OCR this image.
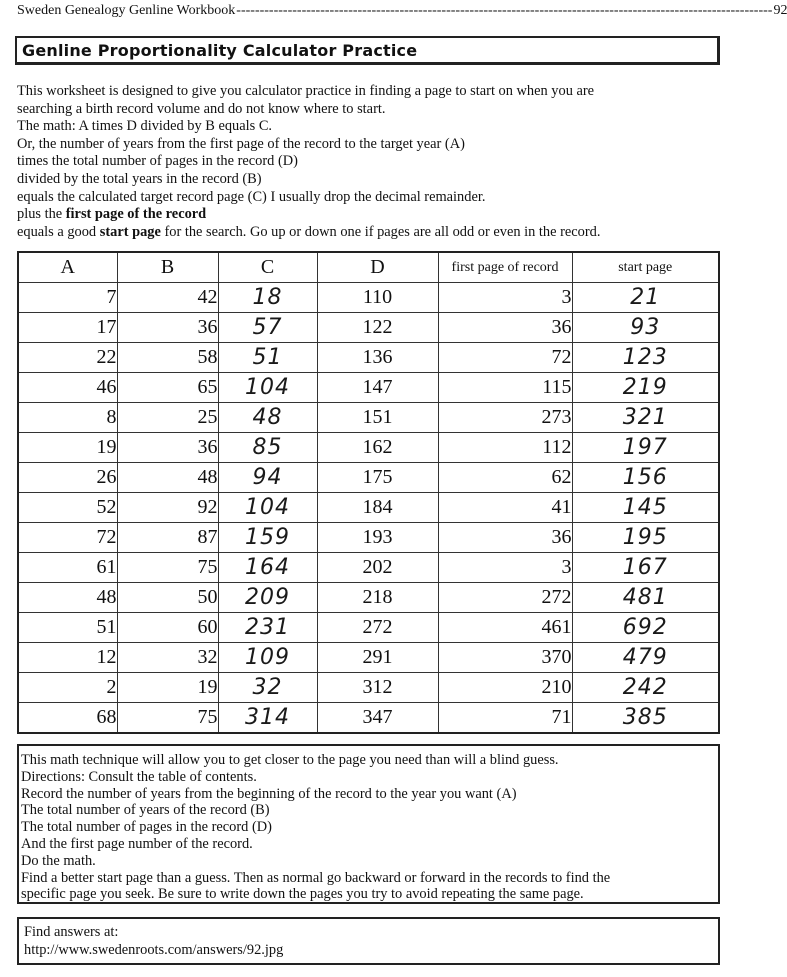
Sweden Genealogy Genline Workbook ------------------------------------------------------------------------------------------------------------------- 92
Genline Proportionality Calculator Practice
This worksheet is designed to give you calculator practice in finding a page to start on when you are
searching a birth record volume and do not know where to start.
The math: A times D divided by B equals C.
Or, the number of years from the first page of the record to the target year (A)
times the total number of pages in the record (D)
divided by the total years in the record (B)
equals the calculated target record page (C) I usually drop the decimal remainder.
plus the first page of the record
equals a good start page for the search. Go up or down one if pages are all odd or even in the record.
A	B	C	D	first page of record	start page
7	42	18	110	3	21
17	36	57	122	36	93
22	58	51	136	72	123
46	65	104	147	115	219
8	25	48	151	273	321
19	36	85	162	112	197
26	48	94	175	62	156
52	92	104	184	41	145
72	87	159	193	36	195
61	75	164	202	3	167
48	50	209	218	272	481
51	60	231	272	461	692
12	32	109	291	370	479
2	19	32	312	210	242
68	75	314	347	71	385
This math technique will allow you to get closer to the page you need than will a blind guess.
Directions: Consult the table of contents.
Record the number of years from the beginning of the record to the year you want (A)
The total number of years of the record (B)
The total number of pages in the record (D)
And the first page number of the record.
Do the math.
Find a better start page than a guess. Then as normal go backward or forward in the records to find the
specific page you seek. Be sure to write down the pages you try to avoid repeating the same page.
Find answers at:
http://www.swedenroots.com/answers/92.jpg
